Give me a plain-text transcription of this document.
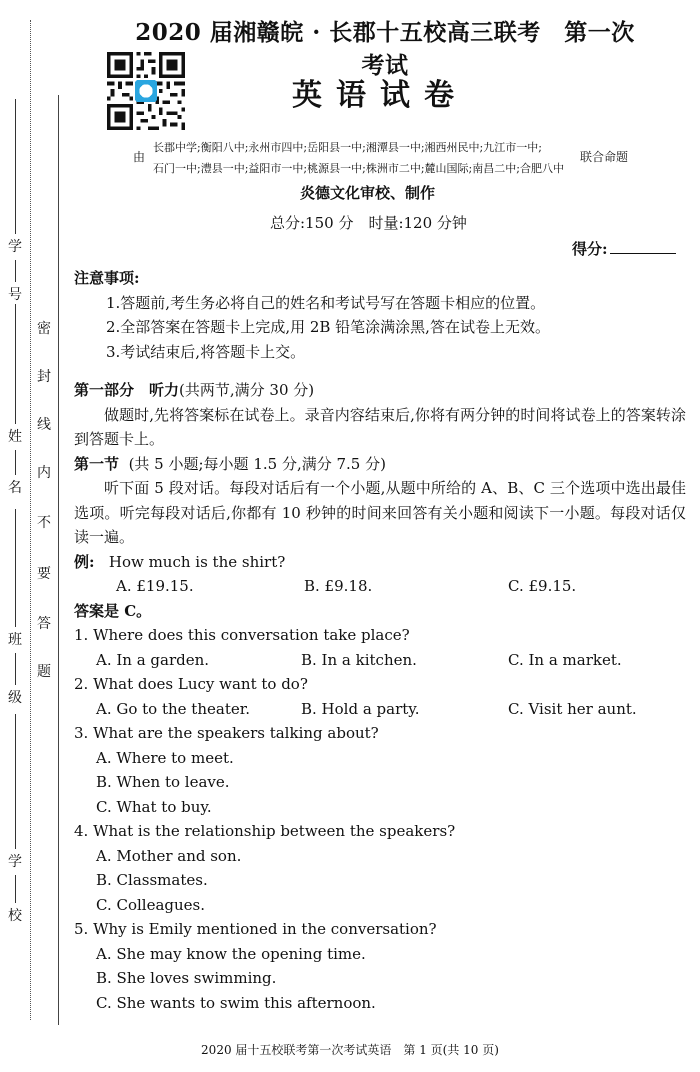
学
号
姓
名
班
级
学
校
密
封
线
内
不
要
答
题
2020 届湘赣皖 · 长郡十五校高三联考　第一次考试
英语试卷
由
长郡中学;衡阳八中;永州市四中;岳阳县一中;湘潭县一中;湘西州民中;九江市一中;
石门一中;澧县一中;益阳市一中;桃源县一中;株洲市二中;麓山国际;南昌二中;合肥八中
联合命题
炎德文化审校、制作
总分:150 分　时量:120 分钟
得分:
注意事项:
1.答题前,考生务必将自己的姓名和考试号写在答题卡相应的位置。
2.全部答案在答题卡上完成,用 2B 铅笔涂满涂黑,答在试卷上无效。
3.考试结束后,将答题卡上交。
第一部分　听力(共两节,满分 30 分)
做题时,先将答案标在试卷上。录音内容结束后,你将有两分钟的时间将试卷上的答案转涂到答题卡上。
第一节 (共 5 小题;每小题 1.5 分,满分 7.5 分)
听下面 5 段对话。每段对话后有一个小题,从题中所给的 A、B、C 三个选项中选出最佳选项。听完每段对话后,你都有 10 秒钟的时间来回答有关小题和阅读下一小题。每段对话仅读一遍。
例: How much is the shirt?
A. £19.15.	B. £9.18.	C. £9.15.
答案是 C。
1. Where does this conversation take place?
A. In a garden.	B. In a kitchen.	C. In a market.
2. What does Lucy want to do?
A. Go to the theater.	B. Hold a party.	C. Visit her aunt.
3. What are the speakers talking about?
A. Where to meet.
B. When to leave.
C. What to buy.
4. What is the relationship between the speakers?
A. Mother and son.
B. Classmates.
C. Colleagues.
5. Why is Emily mentioned in the conversation?
A. She may know the opening time.
B. She loves swimming.
C. She wants to swim this afternoon.
2020 届十五校联考第一次考试英语　第 1 页(共 10 页)
